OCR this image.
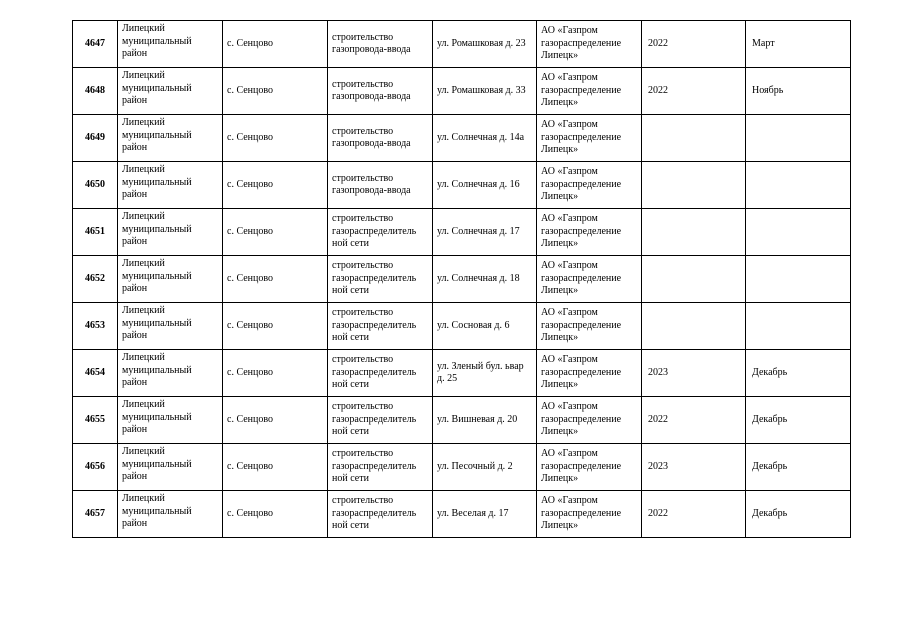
4647	Липецкий муниципальный район	с. Сенцово	строительство газопровода-ввода	ул. Ромашковая д. 23	АО «Газпром газораспределение Липецк»	2022	Март
4648	Липецкий муниципальный район	с. Сенцово	строительство газопровода-ввода	ул. Ромашковая д. 33	АО «Газпром газораспределение Липецк»	2022	Ноябрь
4649	Липецкий муниципальный район	с. Сенцово	строительство газопровода-ввода	ул. Солнечная д. 14а	АО «Газпром газораспределение Липецк»		
4650	Липецкий муниципальный район	с. Сенцово	строительство газопровода-ввода	ул. Солнечная д. 16	АО «Газпром газораспределение Липецк»		
4651	Липецкий муниципальный район	с. Сенцово	строительство газораспределитель ной сети	ул. Солнечная д. 17	АО «Газпром газораспределение Липецк»		
4652	Липецкий муниципальный район	с. Сенцово	строительство газораспределитель ной сети	ул. Солнечная д. 18	АО «Газпром газораспределение Липецк»		
4653	Липецкий муниципальный район	с. Сенцово	строительство газораспределитель ной сети	ул. Сосновая д. 6	АО «Газпром газораспределение Липецк»		
4654	Липецкий муниципальный район	с. Сенцово	строительство газораспределитель ной сети	ул. Зленый бул. ьвар д. 25	АО «Газпром газораспределение Липецк»	2023	Декабрь
4655	Липецкий муниципальный район	с. Сенцово	строительство газораспределитель ной сети	ул. Вишневая д. 20	АО «Газпром газораспределение Липецк»	2022	Декабрь
4656	Липецкий муниципальный район	с. Сенцово	строительство газораспределитель ной сети	ул. Песочный д. 2	АО «Газпром газораспределение Липецк»	2023	Декабрь
4657	Липецкий муниципальный район	с. Сенцово	строительство газораспределитель ной сети	ул. Веселая д. 17	АО «Газпром газораспределение Липецк»	2022	Декабрь
